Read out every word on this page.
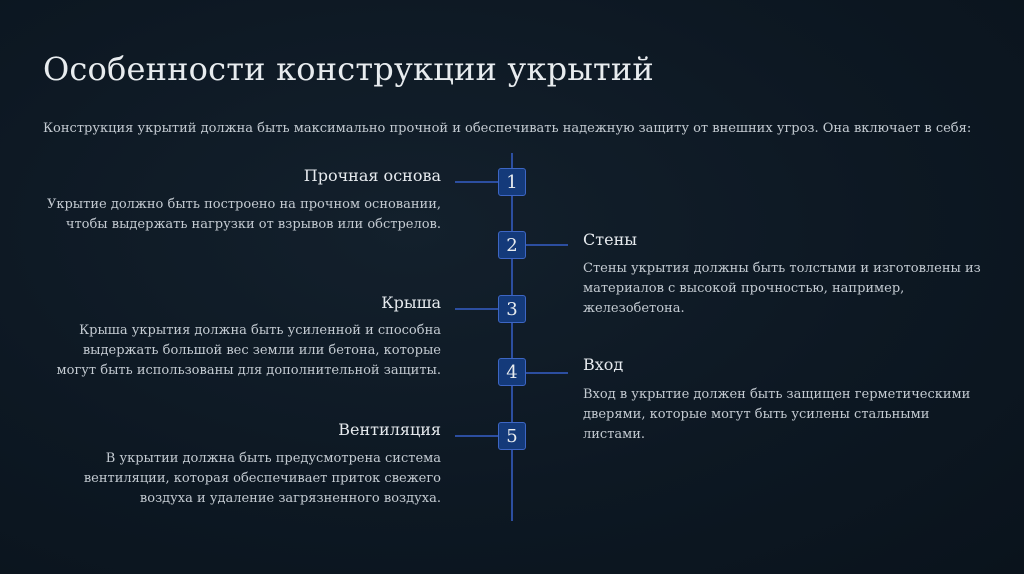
Особенности конструкции укрытий

Конструкция укрытий должна быть максимально прочной и обеспечивать надежную защиту от внешних угроз. Она включает в себя:

1

Прочная основа

Укрытие должно быть построено на прочном основании, чтобы выдержать нагрузки от взрывов или обстрелов.

2	Стены

Стены укрытия должны быть толстыми и изготовлены из материалов с высокой прочностью, например, железобетона.

3

Крыша

Крыша укрытия должна быть усиленной и способна выдержать большой вес земли или бетона, которые могут быть использованы для дополнительной защиты.	4	Вход

Вход в укрытие должен быть защищен герметическими дверями, которые могут быть усилены стальными листами.

5

Вентиляция

В укрытии должна быть предусмотрена система вентиляции, которая обеспечивает приток свежего воздуха и удаление загрязненного воздуха.
